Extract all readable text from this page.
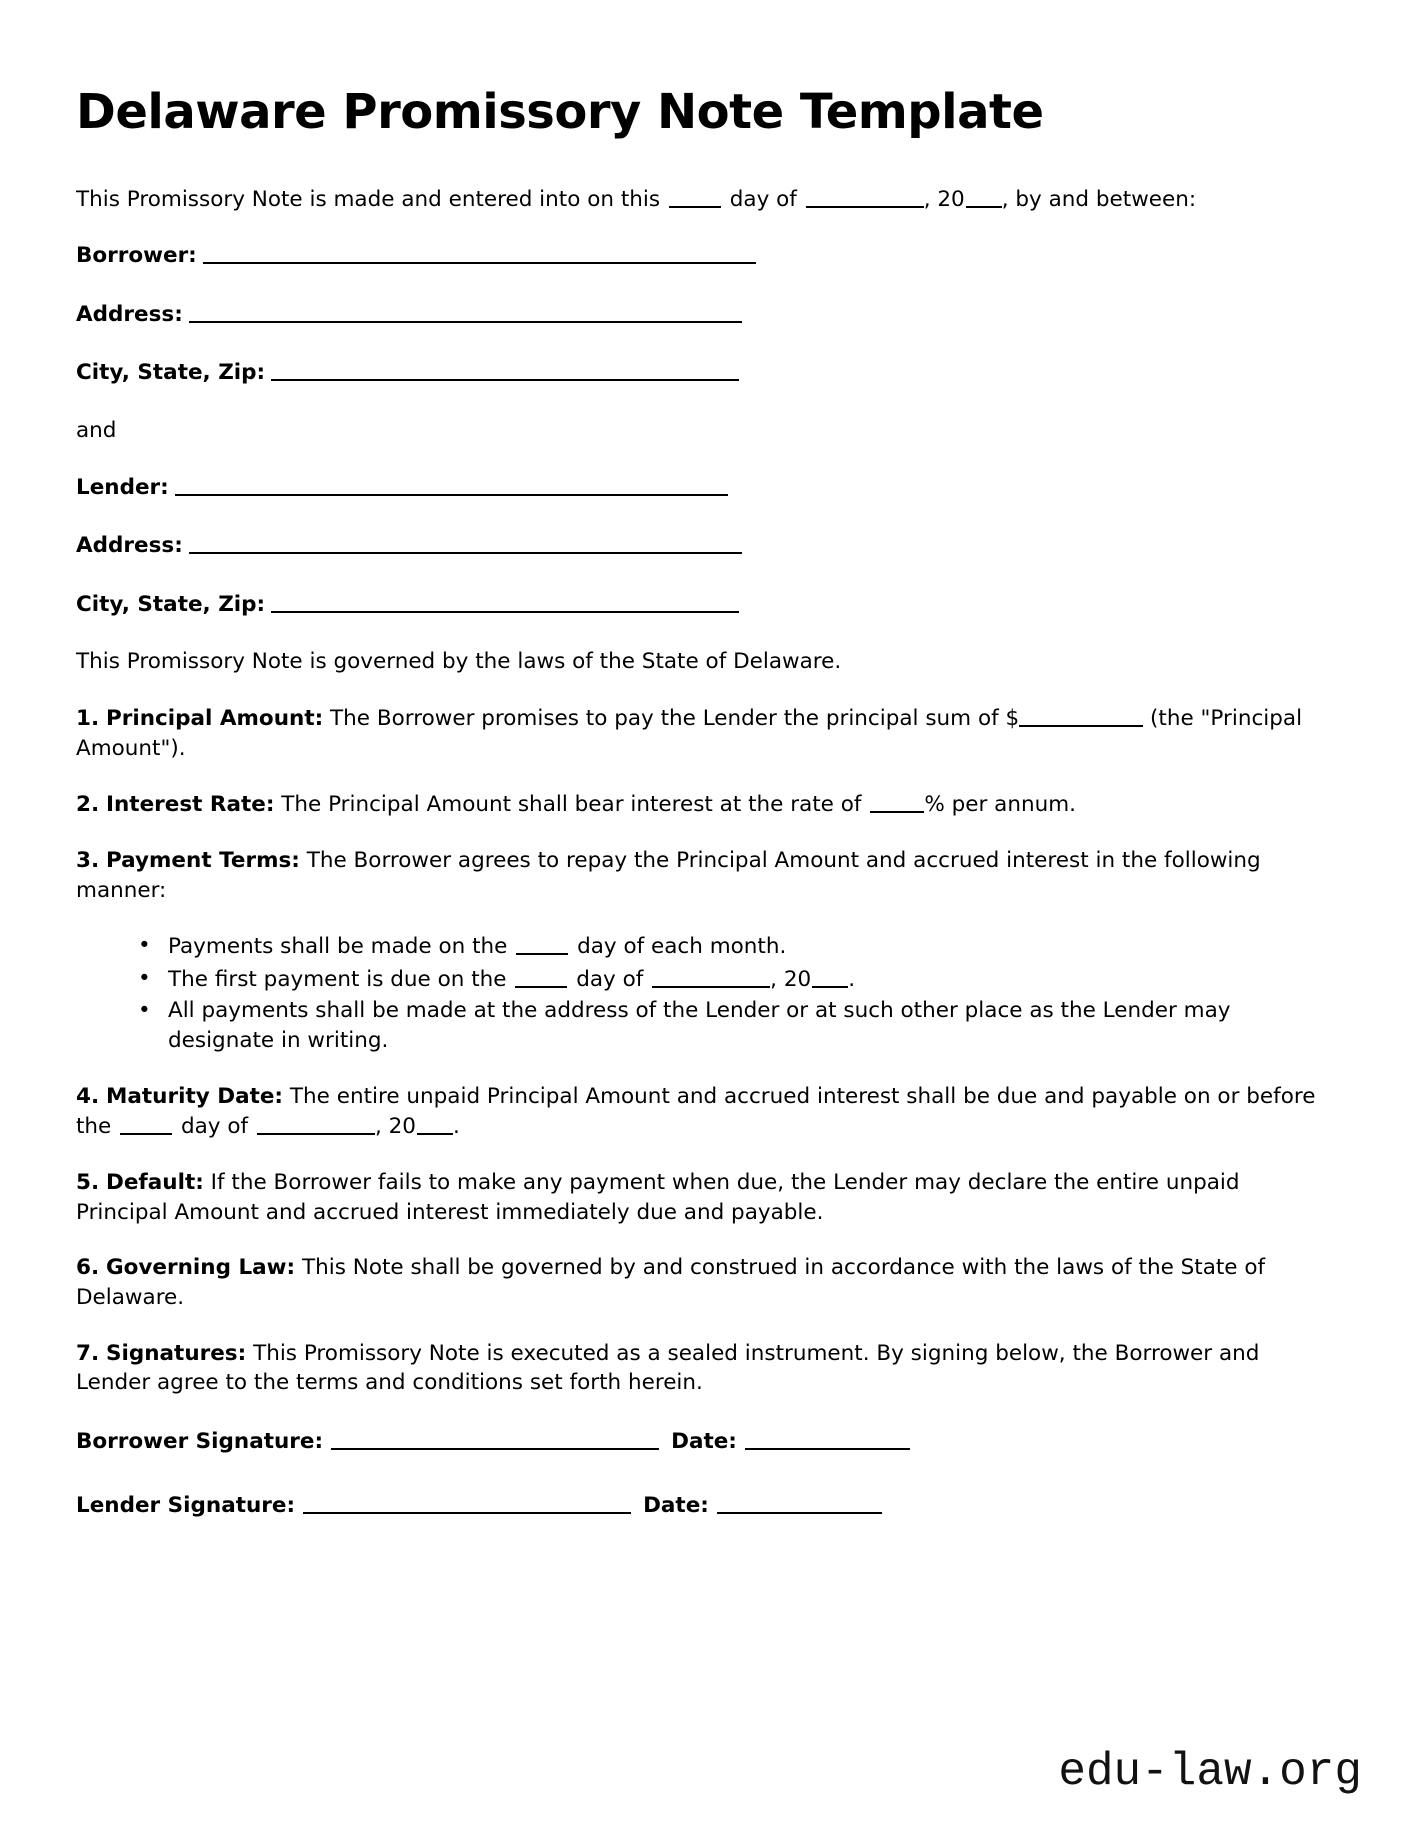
Delaware Promissory Note Template

This Promissory Note is made and entered into on this	day of	, 20 , by and between:

Borrower:
Address:
City, State, Zip:

and

Lender:
Address:
City, State, Zip:

This Promissory Note is governed by the laws of the State of Delaware.

1. Principal Amount: The Borrower promises to pay the Lender the principal sum of $	(the "Principal Amount").

2. Interest Rate: The Principal Amount shall bear interest at the rate of	% per annum.

3. Payment Terms: The Borrower agrees to repay the Principal Amount and accrued interest in the following manner:

• Payments shall be made on the	day of each month.
• The first payment is due on the	day of	, 20 .
• All payments shall be made at the address of the Lender or at such other place as the Lender may designate in writing.

4. Maturity Date: The entire unpaid Principal Amount and accrued interest shall be due and payable on or before the	day of	, 20 .

5. Default: If the Borrower fails to make any payment when due, the Lender may declare the entire unpaid Principal Amount and accrued interest immediately due and payable.

6. Governing Law: This Note shall be governed by and construed in accordance with the laws of the State of Delaware.

7. Signatures: This Promissory Note is executed as a sealed instrument. By signing below, the Borrower and Lender agree to the terms and conditions set forth herein.

Borrower Signature:	Date:
Lender Signature:	Date:
edu-law.org
